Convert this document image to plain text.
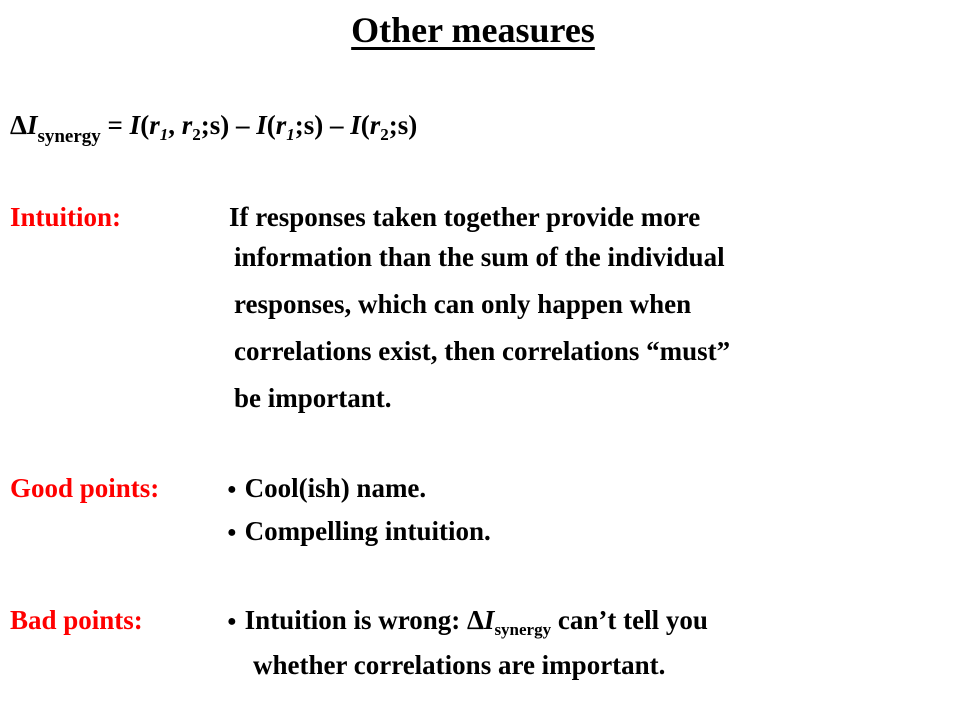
Other measures
$\Delta I_{synergy} = I(r_1$, $r_2;s$) – $I(r_1;s)$ – $I(r_2;s)$
Intuition:	If responses taken together provide more
information than the sum of the individual
responses, which can only happen when
correlations exist, then correlations “must”
be important.
Good points:	● Cool(ish) name.
● Compelling intuition.
Bad points:	● Intuition is wrong: $\Delta I_{synergy}$ can’t tell you
whether correlations are important.
